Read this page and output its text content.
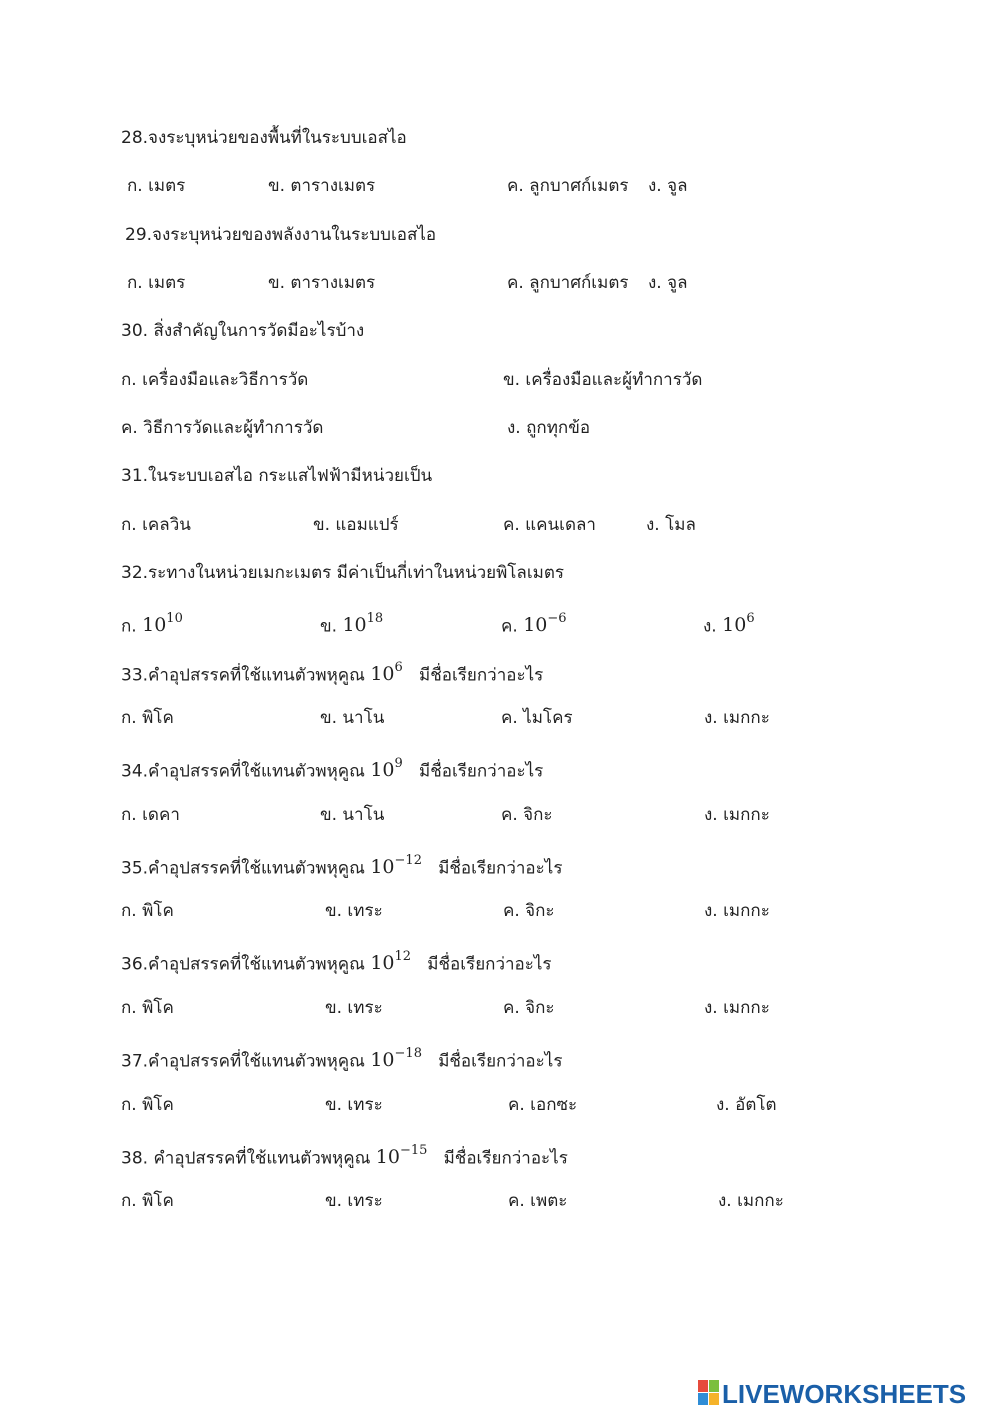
28.จงระบุหน่วยของพื้นที่ในระบบเอสไอ
ก. เมตร	ข. ตารางเมตร	ค. ลูกบาศก์เมตร ง. จูล
29.จงระบุหน่วยของพลังงานในระบบเอสไอ
ก. เมตร	ข. ตารางเมตร	ค. ลูกบาศก์เมตร ง. จูล
30. สิ่งสำคัญในการวัดมีอะไรบ้าง
ก. เครื่องมือและวิธีการวัด	ข. เครื่องมือและผู้ทำการวัด
ค. วิธีการวัดและผู้ทำการวัด	ง. ถูกทุกข้อ
31.ในระบบเอสไอ กระแสไฟฟ้ามีหน่วยเป็น
ก. เคลวิน	ข. แอมแปร์	ค. แคนเดลา	ง. โมล
32.ระทางในหน่วยเมกะเมตร มีค่าเป็นกี่เท่าในหน่วยพิโลเมตร
ก. $10^{10}$	ข. $10^{18}$	ค. $10^{-6}$	ง. $10^6$
33.คำอุปสรรคที่ใช้แทนตัวพหุคูณ $10^6$ มีชื่อเรียกว่าอะไร
ก. พิโค	ข. นาโน	ค. ไมโคร	ง. เมกกะ
34.คำอุปสรรคที่ใช้แทนตัวพหุคูณ $10^9$ มีชื่อเรียกว่าอะไร
ก. เดคา	ข. นาโน	ค. จิกะ	ง. เมกกะ
35.คำอุปสรรคที่ใช้แทนตัวพหุคูณ $10^{-12}$ มีชื่อเรียกว่าอะไร
ก. พิโค	ข. เทระ	ค. จิกะ	ง. เมกกะ
36.คำอุปสรรคที่ใช้แทนตัวพหุคูณ $10^{12}$ มีชื่อเรียกว่าอะไร
ก. พิโค	ข. เทระ	ค. จิกะ	ง. เมกกะ
37.คำอุปสรรคที่ใช้แทนตัวพหุคูณ $10^{-18}$ มีชื่อเรียกว่าอะไร
ก. พิโค	ข. เทระ	ค. เอกซะ	ง. อัตโต
38. คำอุปสรรคที่ใช้แทนตัวพหุคูณ $10^{-15}$ มีชื่อเรียกว่าอะไร
ก. พิโค	ข. เทระ	ค. เพตะ	ง. เมกกะ
LIVEWORKSHEETS
